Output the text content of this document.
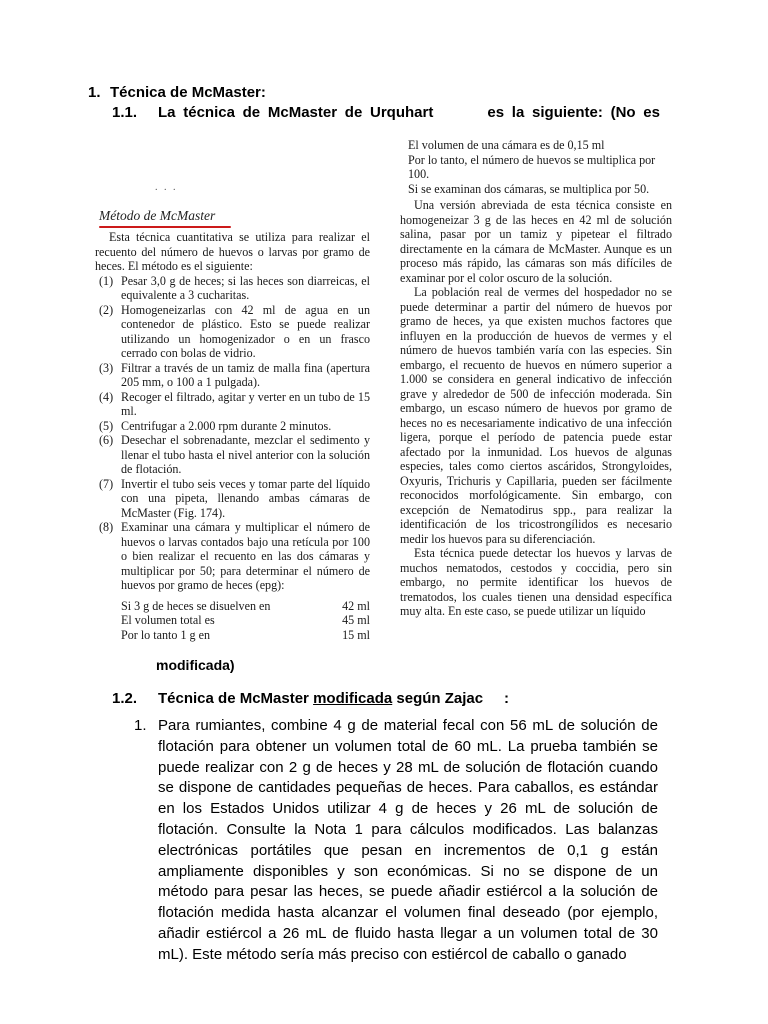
1. Técnica de McMaster:
1.1. La técnica de McMaster de Urquhart	es la siguiente: (No es
. . .
Método de McMaster

Esta técnica cuantitativa se utiliza para realizar el recuento del número de huevos o larvas por gramo de heces. El método es el siguiente:

(1) Pesar 3,0 g de heces; si las heces son diarreicas, el equivalente a 3 cucharitas.
(2) Homogeneizarlas con 42 ml de agua en un contenedor de plástico. Esto se puede realizar utilizando un homogenizador o en un frasco cerrado con bolas de vidrio.
(3) Filtrar a través de un tamiz de malla fina (apertura 205 mm, o 100 a 1 pulgada).
(4) Recoger el filtrado, agitar y verter en un tubo de 15 ml.
(5) Centrifugar a 2.000 rpm durante 2 minutos.
(6) Desechar el sobrenadante, mezclar el sedimento y llenar el tubo hasta el nivel anterior con la solución de flotación.
(7) Invertir el tubo seis veces y tomar parte del líquido con una pipeta, llenando ambas cámaras de McMaster (Fig. 174).
(8) Examinar una cámara y multiplicar el número de huevos o larvas contados bajo una retícula por 100 o bien realizar el recuento en las dos cámaras y multiplicar por 50; para determinar el número de huevos por gramo de heces (epg):
Si 3 g de heces se disuelven en	42 ml
El volumen total es	45 ml
Por lo tanto 1 g en	15 ml

El volumen de una cámara es de 0,15 ml

Por lo tanto, el número de huevos se multiplica por 100.

Si se examinan dos cámaras, se multiplica por 50.

Una versión abreviada de esta técnica consiste en homogeneizar 3 g de las heces en 42 ml de solución salina, pasar por un tamiz y pipetear el filtrado directamente en la cámara de McMaster. Aunque es un proceso más rápido, las cámaras son más difíciles de examinar por el color oscuro de la solución.

La población real de vermes del hospedador no se puede determinar a partir del número de huevos por gramo de heces, ya que existen muchos factores que influyen en la producción de huevos de vermes y el número de huevos también varía con las especies. Sin embargo, el recuento de huevos en número superior a 1.000 se considera en general indicativo de infección grave y alrededor de 500 de infección moderada. Sin embargo, un escaso número de huevos por gramo de heces no es necesariamente indicativo de una infección ligera, porque el período de patencia puede estar afectado por la inmunidad. Los huevos de algunas especies, tales como ciertos ascáridos, Strongyloides, Oxyuris, Trichuris y Capillaria, pueden ser fácilmente reconocidos morfológicamente. Sin embargo, con excepción de Nematodirus spp., para realizar la identificación de los tricostrongílidos es necesario medir los huevos para su diferenciación.

Esta técnica puede detectar los huevos y larvas de muchos nematodos, cestodos y coccidia, pero sin embargo, no permite identificar los huevos de trematodos, los cuales tienen una densidad específica muy alta. En este caso, se puede utilizar un líquido

modificada)
1.2. Técnica de McMaster modificada según Zajac :
1. Para rumiantes, combine 4 g de material fecal con 56 mL de solución de flotación para obtener un volumen total de 60 mL. La prueba también se puede realizar con 2 g de heces y 28 mL de solución de flotación cuando se dispone de cantidades pequeñas de heces. Para caballos, es estándar en los Estados Unidos utilizar 4 g de heces y 26 mL de solución de flotación. Consulte la Nota 1 para cálculos modificados. Las balanzas electrónicas portátiles que pesan en incrementos de 0,1 g están ampliamente disponibles y son económicas. Si no se dispone de un método para pesar las heces, se puede añadir estiércol a la solución de flotación medida hasta alcanzar el volumen final deseado (por ejemplo, añadir estiércol a 26 mL de fluido hasta llegar a un volumen total de 30 mL). Este método sería más preciso con estiércol de caballo o ganado
